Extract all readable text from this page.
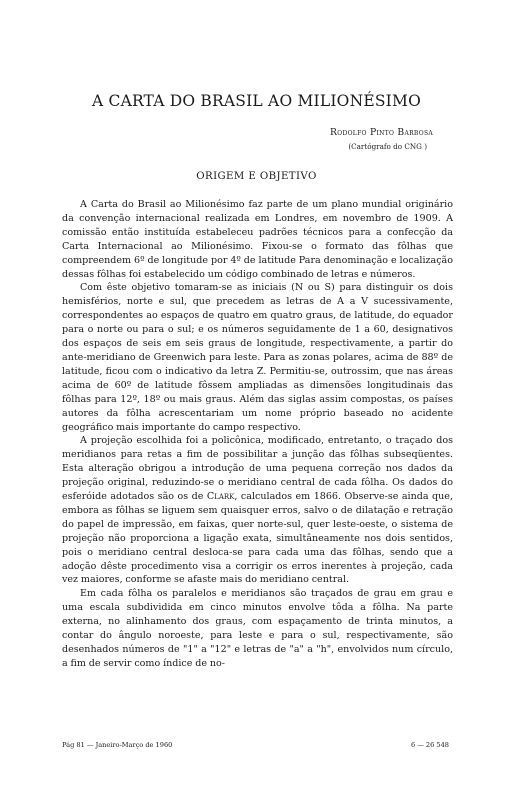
A CARTA DO BRASIL AO MILIONÉSIMO
Rodolfo Pinto Barbosa
(Cartógrafo do CNG )
ORIGEM E OBJETIVO

A Carta do Brasil ao Milionésimo faz parte de um plano mundial originário da convenção internacional realizada em Londres, em novembro de 1909. A comissão então instituída estabeleceu padrões técnicos para a confecção da Carta Internacional ao Milionésimo. Fixou-se o formato das fôlhas que compreendem 6º de longitude por 4º de latitude Para denominação e localização dessas fôlhas foi estabelecido um código combinado de letras e números.

Com êste objetivo tomaram-se as iniciais (N ou S) para distinguir os dois hemisférios, norte e sul, que precedem as letras de A a V sucessivamente, correspondentes ao espaços de quatro em quatro graus, de latitude, do equador para o norte ou para o sul; e os números seguidamente de 1 a 60, designativos dos espaços de seis em seis graus de longitude, respectivamente, a partir do ante-meridiano de Greenwich para leste. Para as zonas polares, acima de 88º de latitude, ficou com o indicativo da letra Z. Permitiu-se, outrossim, que nas áreas acima de 60º de latitude fôssem ampliadas as dimensões longitudinais das fôlhas para 12º, 18º ou mais graus. Além das siglas assim compostas, os países autores da fôlha acrescentariam um nome próprio baseado no acidente geográfico mais importante do campo respectivo.

A projeção escolhida foi a policônica, modificado, entretanto, o traçado dos meridianos para retas a fim de possibilitar a junção das fôlhas subseqüentes. Esta alteração obrigou a introdução de uma pequena correção nos dados da projeção original, reduzindo-se o meridiano central de cada fôlha. Os dados do esferóide adotados são os de Clark, calculados em 1866. Observe-se ainda que, embora as fôlhas se liguem sem quaisquer erros, salvo o de dilatação e retração do papel de impressão, em faixas, quer norte-sul, quer leste-oeste, o sistema de projeção não proporciona a ligação exata, simultâneamente nos dois sentidos, pois o meridiano central desloca-se para cada uma das fôlhas, sendo que a adoção dêste procedimento visa a corrigir os erros inerentes à projeção, cada vez maiores, conforme se afaste mais do meridiano central.

Em cada fôlha os paralelos e meridianos são traçados de grau em grau e uma escala subdividida em cinco minutos envolve tôda a fôlha. Na parte externa, no alinhamento dos graus, com espaçamento de trinta minutos, a contar do ângulo noroeste, para leste e para o sul, respectivamente, são desenhados números de "1" a "12" e letras de "a" a "h", envolvidos num círculo, a fim de servir como índice de no-

Pág 81 — Janeiro-Março de 1960	6 — 26 548
